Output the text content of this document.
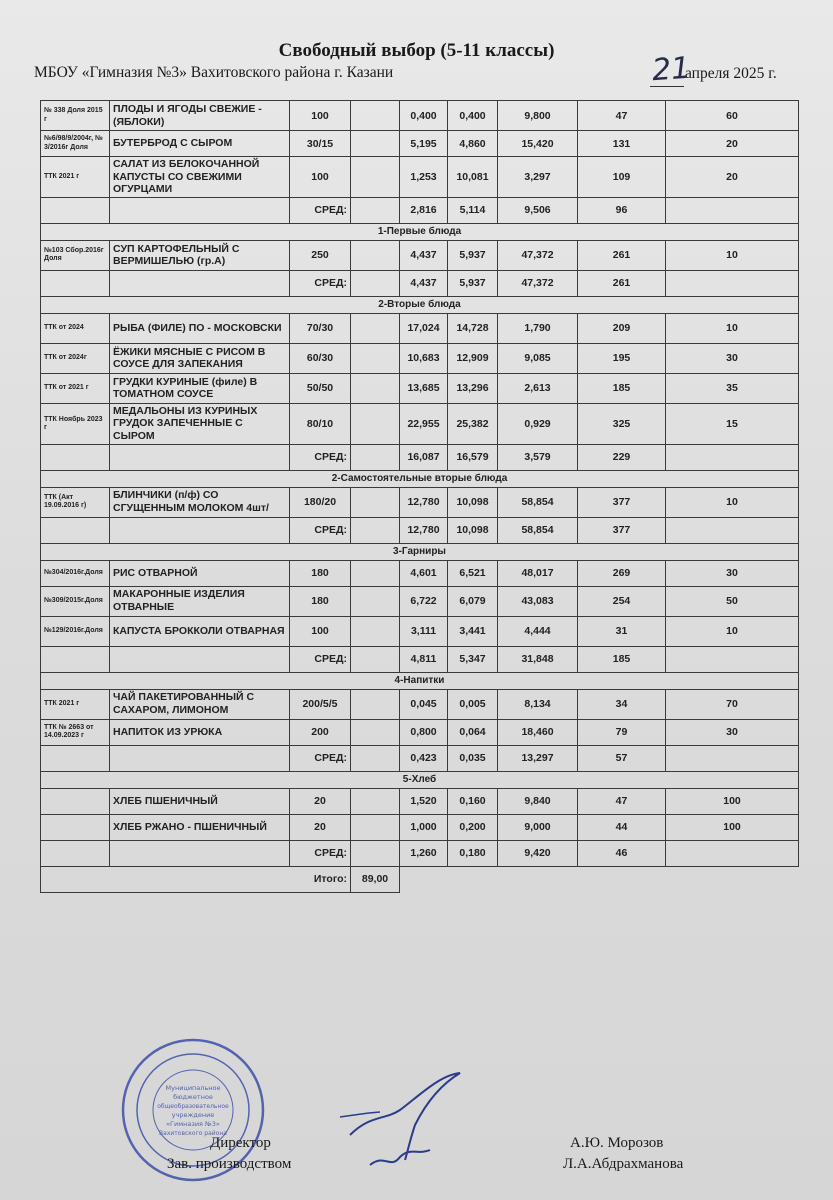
Свободный выбор (5-11 классы)
МБОУ «Гимназия №3» Вахитовского района г. Казани	21
апреля 2025 г.
№ 338 Доля 2015 г	ПЛОДЫ И ЯГОДЫ СВЕЖИЕ - (ЯБЛОКИ)	100		0,400	0,400	9,800	47	60
№6/98/9/2004г, № 3/2016г Доля	БУТЕРБРОД С СЫРОМ	30/15		5,195	4,860	15,420	131	20
ТТК 2021 г	САЛАТ ИЗ БЕЛОКОЧАННОЙ КАПУСТЫ СО СВЕЖИМИ ОГУРЦАМИ	100		1,253	10,081	3,297	109	20
		СРЕД:		2,816	5,114	9,506	96	
1-Первые блюда								
№103 Сбор.2016г Доля	СУП КАРТОФЕЛЬНЫЙ С ВЕРМИШЕЛЬЮ (гр.А)	250		4,437	5,937	47,372	261	10
		СРЕД:		4,437	5,937	47,372	261	
2-Вторые блюда								
ТТК от 2024	РЫБА (ФИЛЕ) ПО - МОСКОВСКИ	70/30		17,024	14,728	1,790	209	10
ТТК от 2024г	ЁЖИКИ МЯСНЫЕ С РИСОМ В СОУСЕ ДЛЯ ЗАПЕКАНИЯ	60/30		10,683	12,909	9,085	195	30
ТТК от 2021 г	ГРУДКИ КУРИНЫЕ (филе) В ТОМАТНОМ СОУСЕ	50/50		13,685	13,296	2,613	185	35
ТТК Ноябрь 2023 г	МЕДАЛЬОНЫ ИЗ КУРИНЫХ ГРУДОК ЗАПЕЧЕННЫЕ С СЫРОМ	80/10		22,955	25,382	0,929	325	15
		СРЕД:		16,087	16,579	3,579	229	
2-Самостоятельные вторые блюда								
ТТК (Акт 19.09.2016 г)	БЛИНЧИКИ (п/ф) СО СГУЩЕННЫМ МОЛОКОМ 4шт/	180/20		12,780	10,098	58,854	377	10
		СРЕД:		12,780	10,098	58,854	377	
3-Гарниры								
№304/2016г.Доля	РИС ОТВАРНОЙ	180		4,601	6,521	48,017	269	30
№309/2015г.Доля	МАКАРОННЫЕ ИЗДЕЛИЯ ОТВАРНЫЕ	180		6,722	6,079	43,083	254	50
№129/2016г.Доля	КАПУСТА БРОККОЛИ ОТВАРНАЯ	100		3,111	3,441	4,444	31	10
		СРЕД:		4,811	5,347	31,848	185	
4-Напитки								
ТТК 2021 г	ЧАЙ ПАКЕТИРОВАННЫЙ С САХАРОМ, ЛИМОНОМ	200/5/5		0,045	0,005	8,134	34	70
ТТК № 2663 от 14.09.2023 г	НАПИТОК ИЗ УРЮКА	200		0,800	0,064	18,460	79	30
		СРЕД:		0,423	0,035	13,297	57	
5-Хлеб								
	ХЛЕБ ПШЕНИЧНЫЙ	20		1,520	0,160	9,840	47	100
	ХЛЕБ РЖАНО - ПШЕНИЧНЫЙ	20		1,000	0,200	9,000	44	100
		СРЕД:		1,260	0,180	9,420	46	
Итого:			89,00					
Муниципальное
бюджетное
общеобразовательное
учреждение
«Гимназия №3»
Вахитовского района
Директор
Зав. производством
А.Ю. Морозов
Л.А.Абдрахманова
